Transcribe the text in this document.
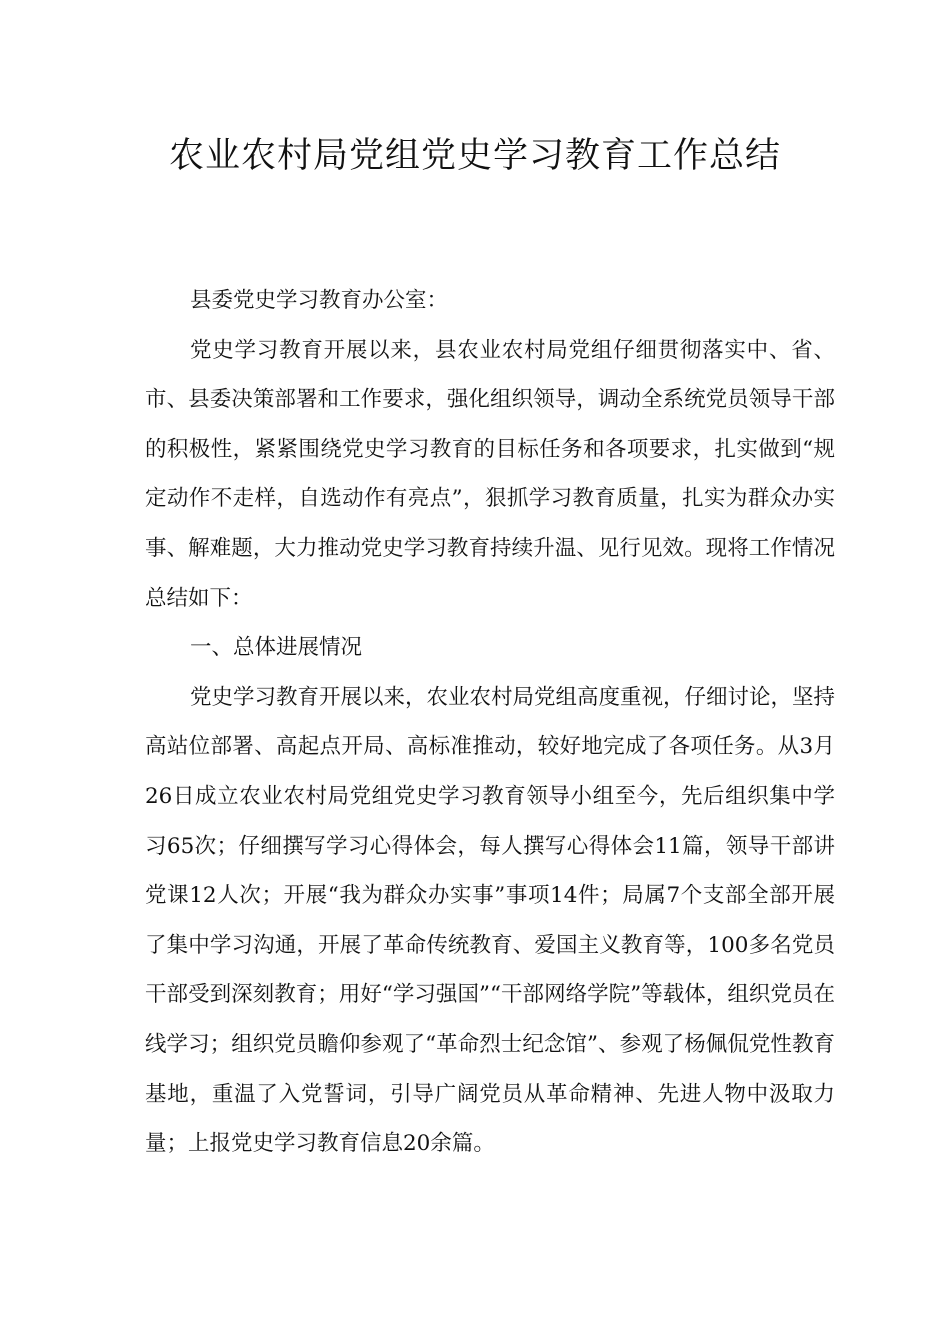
农业农村局党组党史学习教育工作总结

县委党史学习教育办公室：

党史学习教育开展以来，县农业农村局党组仔细贯彻落实中、省、市、县委决策部署和工作要求，强化组织领导，调动全系统党员领导干部的积极性，紧紧围绕党史学习教育的目标任务和各项要求，扎实做到“规定动作不走样，自选动作有亮点”，狠抓学习教育质量，扎实为群众办实事、解难题，大力推动党史学习教育持续升温、见行见效。现将工作情况总结如下：

一、总体进展情况

党史学习教育开展以来，农业农村局党组高度重视，仔细讨论，坚持高站位部署、高起点开局、高标准推动，较好地完成了各项任务。从3月26日成立农业农村局党组党史学习教育领导小组至今，先后组织集中学习65次；仔细撰写学习心得体会，每人撰写心得体会11篇，领导干部讲党课12人次；开展“我为群众办实事”事项14件；局属7个支部全部开展了集中学习沟通，开展了革命传统教育、爱国主义教育等，100多名党员干部受到深刻教育；用好“学习强国”“干部网络学院”等载体，组织党员在线学习；组织党员瞻仰参观了“革命烈士纪念馆”、参观了杨佩侃党性教育基地，重温了入党誓词，引导广阔党员从革命精神、先进人物中汲取力量；上报党史学习教育信息20余篇。
